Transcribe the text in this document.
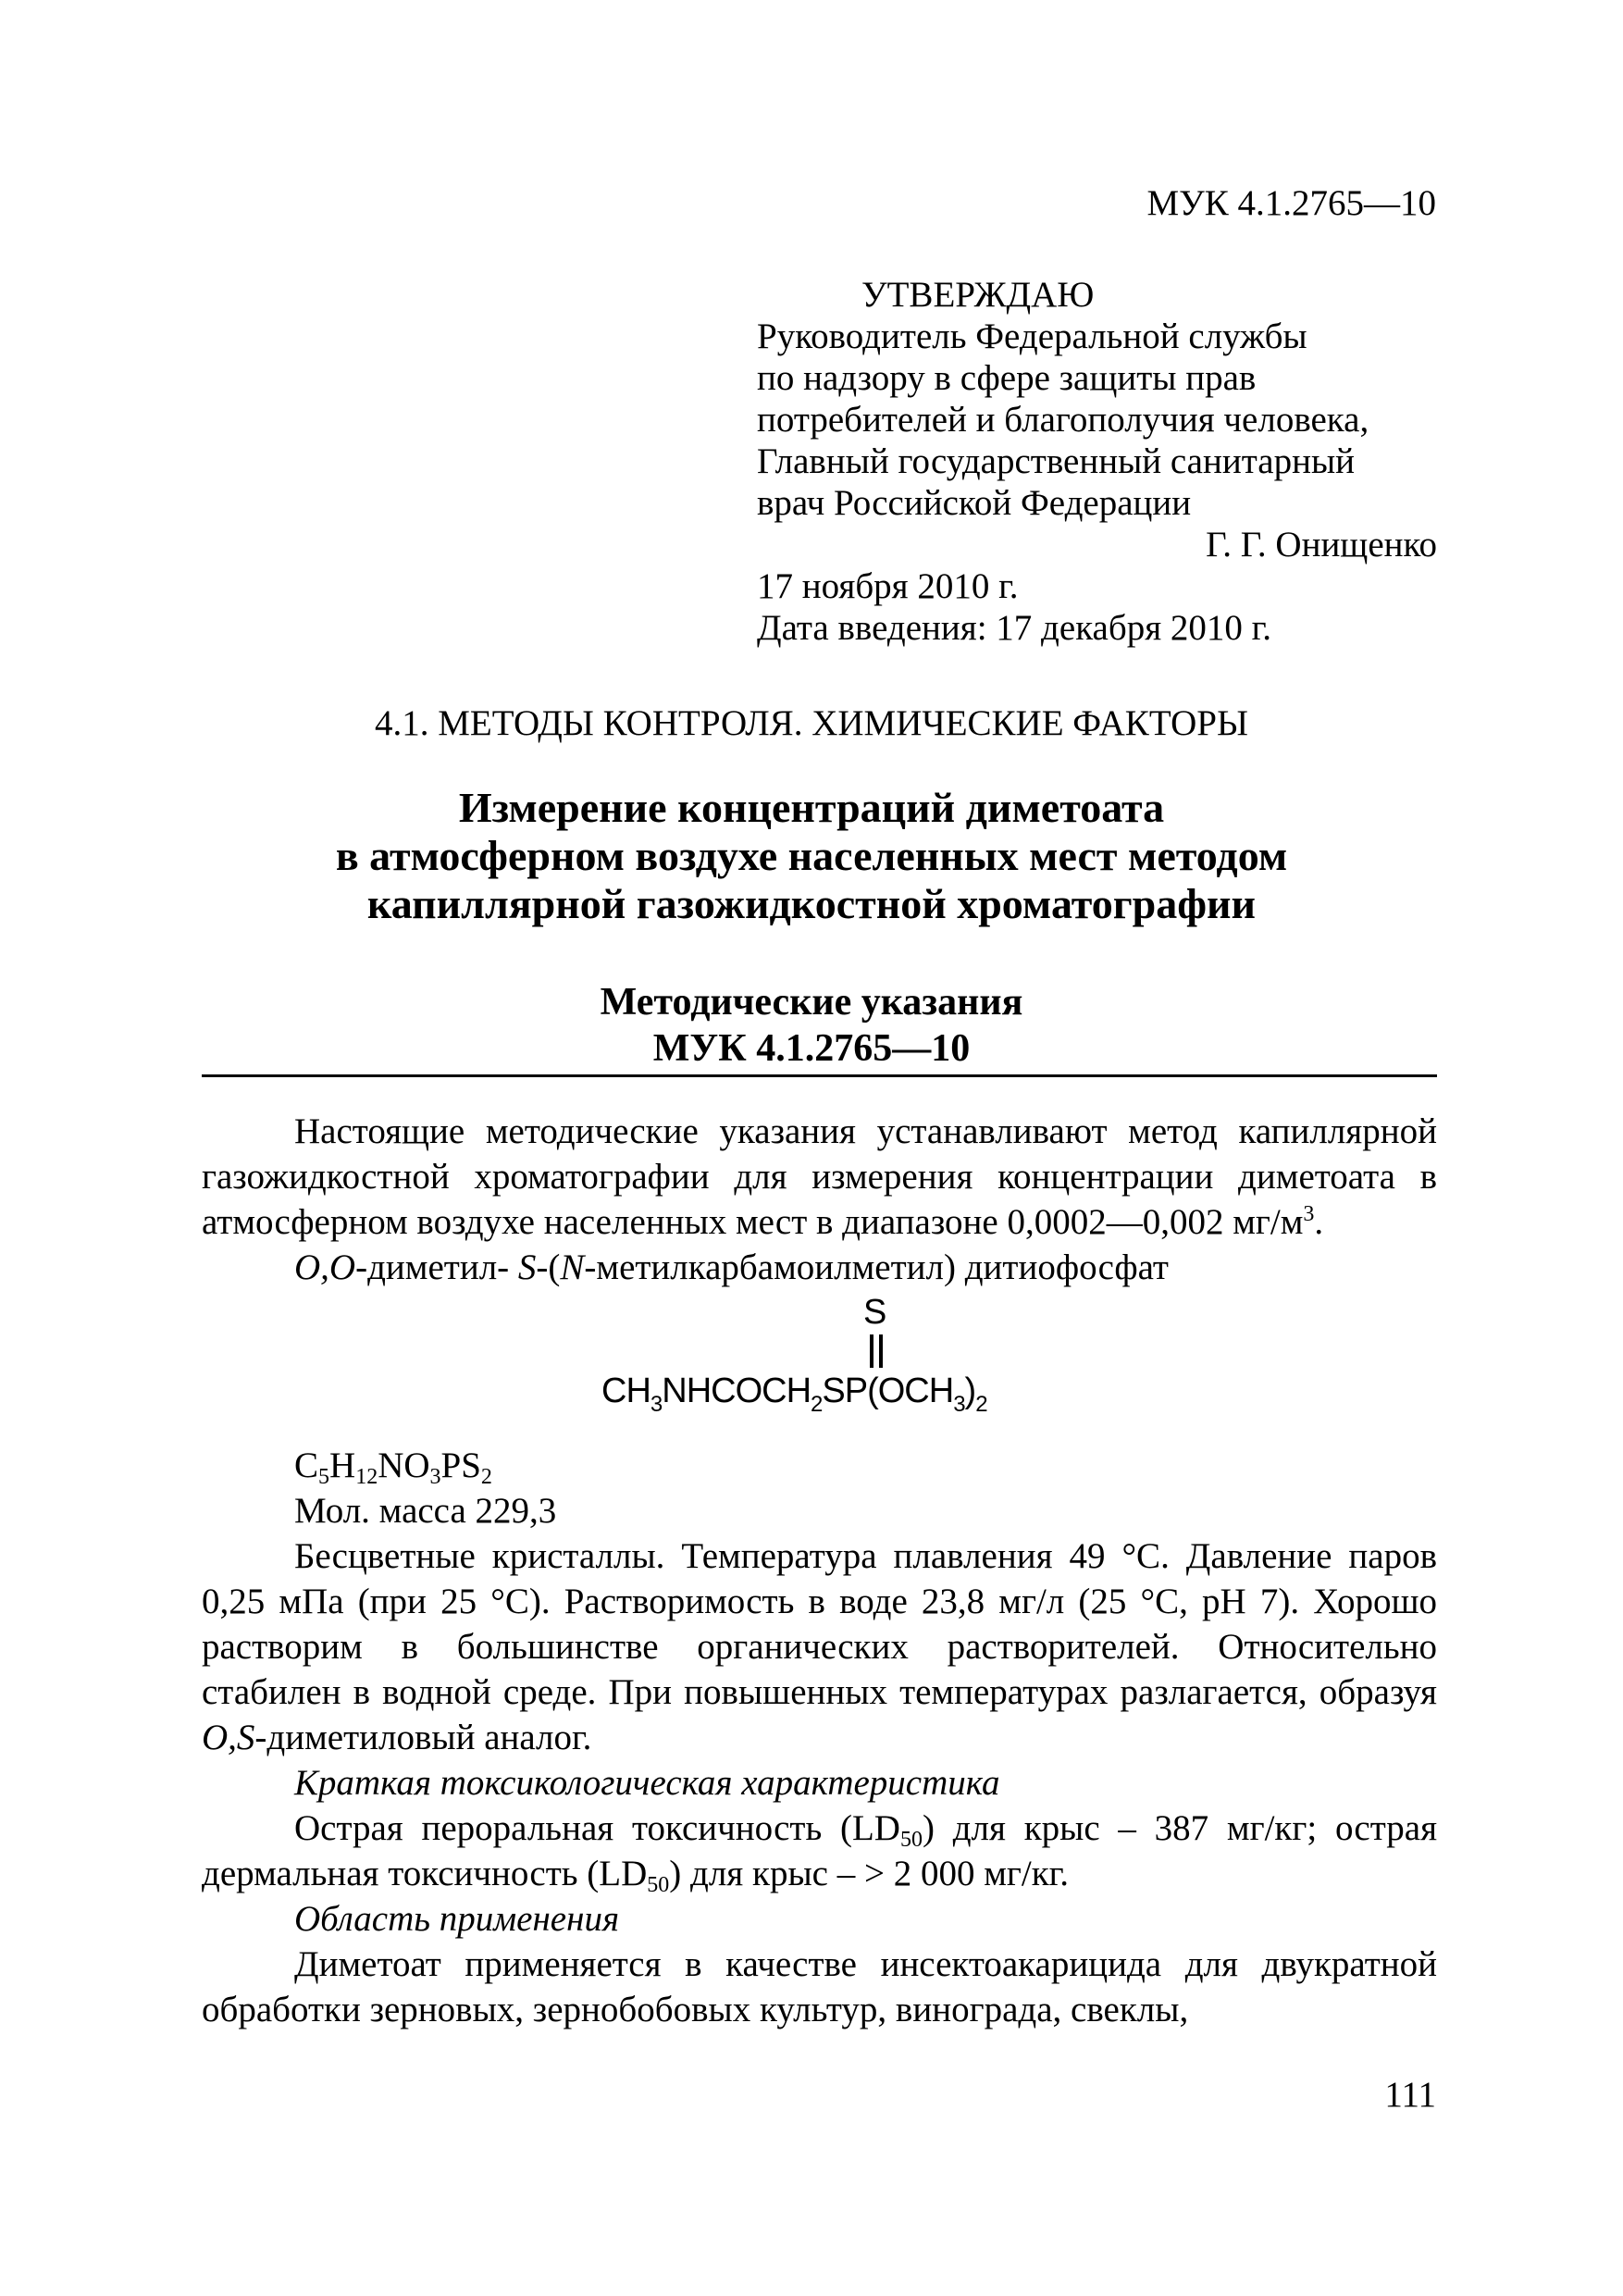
МУК 4.1.2765—10
УТВЕРЖДАЮ
Руководитель Федеральной службы
по надзору в сфере защиты прав
потребителей и благополучия человека,
Главный государственный санитарный
врач Российской Федерации
Г. Г. Онищенко
17 ноября 2010 г.
Дата введения: 17 декабря 2010 г.
4.1. МЕТОДЫ КОНТРОЛЯ. ХИМИЧЕСКИЕ ФАКТОРЫ
Измерение концентраций диметоата
в атмосферном воздухе населенных мест методом
капиллярной газожидкостной хроматографии
Методические указания
МУК 4.1.2765—10

Настоящие методические указания устанавливают метод капиллярной газожидкостной хроматографии для измерения концентрации диметоата в атмосферном воздухе населенных мест в диапазоне 0,0002—0,002 $мг/м^3$.

O,O-диметил- S-(N-метилкарбамоилметил) дитиофосфат

S
$CH_3NHCOCH_2SP(OCH_3)_2$

$C_5H_{12}NO_3PS_2$

Мол. масса 229,3

Бесцветные кристаллы. Температура плавления 49 °С. Давление паров 0,25 мПа (при 25 °С). Растворимость в воде 23,8 мг/л (25 °С, рН 7). Хорошо растворим в большинстве органических растворителей. Относительно стабилен в водной среде. При повышенных температурах разлагается, образуя O,S-диметиловый аналог.

Краткая токсикологическая характеристика

Острая пероральная токсичность $(LD_{50})$ для крыс – 387 мг/кг; острая дермальная токсичность $(LD_{50})$ для крыс – > 2 000 мг/кг.

Область применения

Диметоат применяется в качестве инсектоакарицида для двукратной обработки зерновых, зернобобовых культур, винограда, свеклы,

111
